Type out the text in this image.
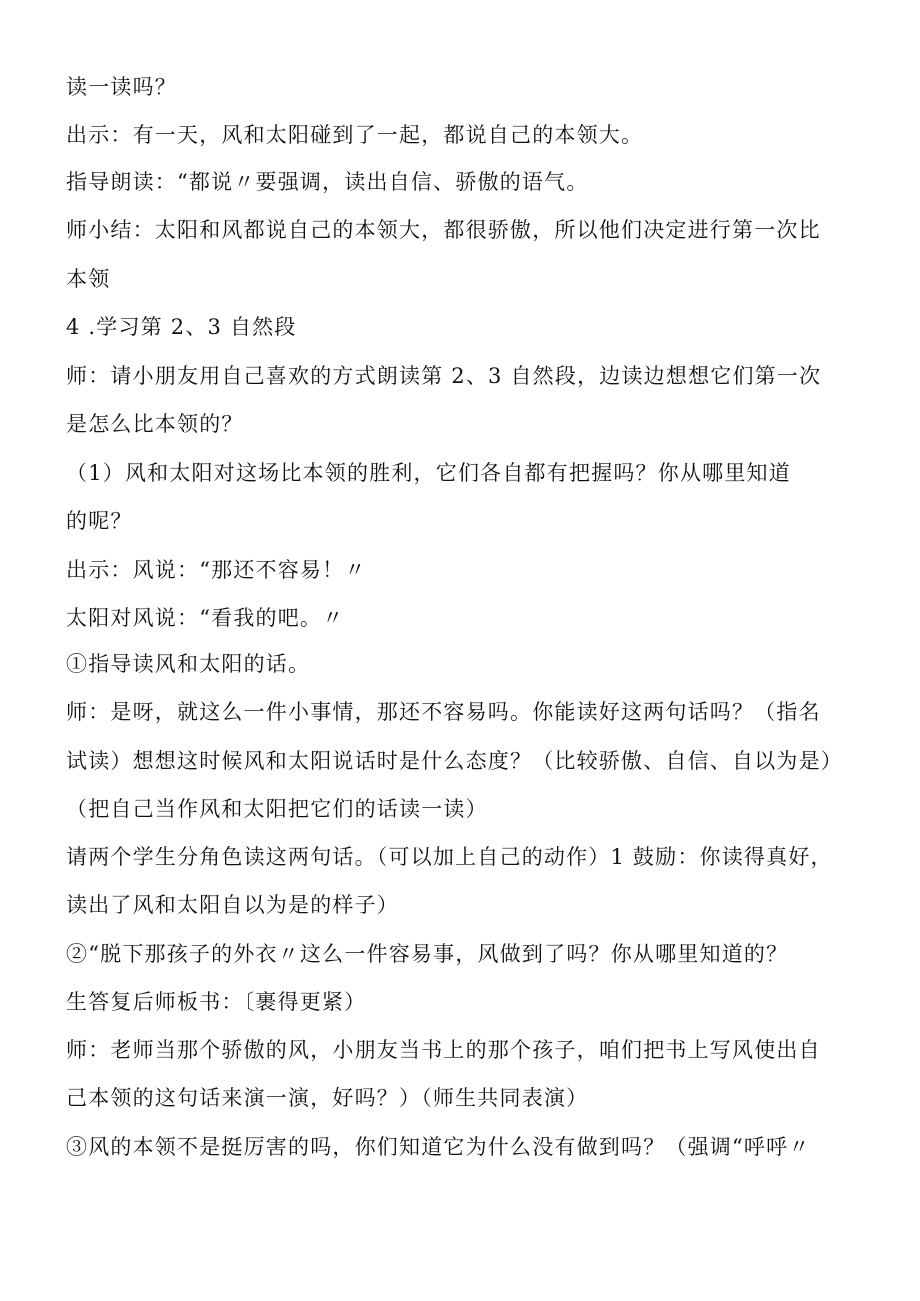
读一读吗？
出示：有一天，风和太阳碰到了一起，都说自己的本领大。
指导朗读：“都说〃要强调，读出自信、骄傲的语气。
师小结：太阳和风都说自己的本领大，都很骄傲，所以他们决定进行第一次比
本领
4 .学习第 2、3 自然段
师：请小朋友用自己喜欢的方式朗读第 2、3 自然段，边读边想想它们第一次
是怎么比本领的？
（1）风和太阳对这场比本领的胜利，它们各自都有把握吗？你从哪里知道
的呢？
出示：风说：“那还不容易！〃
太阳对风说：“看我的吧。〃
①指导读风和太阳的话。
师：是呀，就这么一件小事情，那还不容易吗。你能读好这两句话吗？（指名
试读）想想这时候风和太阳说话时是什么态度？（比较骄傲、自信、自以为是）
（把自己当作风和太阳把它们的话读一读）
请两个学生分角色读这两句话。（可以加上自己的动作）1 鼓励：你读得真好，
读出了风和太阳自以为是的样子）
②“脱下那孩子的外衣〃这么一件容易事，风做到了吗？你从哪里知道的？
生答复后师板书：〔裹得更紧）
师：老师当那个骄傲的风，小朋友当书上的那个孩子，咱们把书上写风使出自
己本领的这句话来演一演，好吗？）（师生共同表演）
③风的本领不是挺厉害的吗，你们知道它为什么没有做到吗？（强调“呼呼〃
